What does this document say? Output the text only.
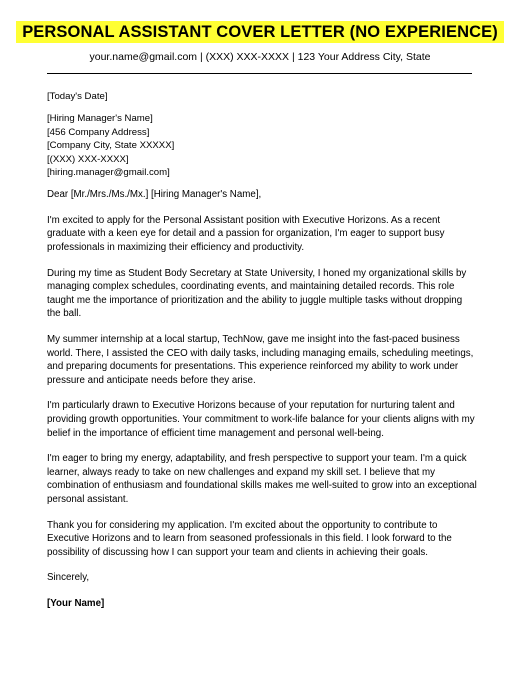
PERSONAL ASSISTANT COVER LETTER (NO EXPERIENCE)
your.name@gmail.com | (XXX) XXX-XXXX | 123 Your Address City, State
[Today's Date]
[Hiring Manager's Name]
[456 Company Address]
[Company City, State XXXXX]
[(XXX) XXX-XXXX]
[hiring.manager@gmail.com]
Dear [Mr./Mrs./Ms./Mx.] [Hiring Manager's Name],

I'm excited to apply for the Personal Assistant position with Executive Horizons. As a recent graduate with a keen eye for detail and a passion for organization, I'm eager to support busy professionals in maximizing their efficiency and productivity.

During my time as Student Body Secretary at State University, I honed my organizational skills by managing complex schedules, coordinating events, and maintaining detailed records. This role taught me the importance of prioritization and the ability to juggle multiple tasks without dropping the ball.

My summer internship at a local startup, TechNow, gave me insight into the fast-paced business world. There, I assisted the CEO with daily tasks, including managing emails, scheduling meetings, and preparing documents for presentations. This experience reinforced my ability to work under pressure and anticipate needs before they arise.

I'm particularly drawn to Executive Horizons because of your reputation for nurturing talent and providing growth opportunities. Your commitment to work-life balance for your clients aligns with my belief in the importance of efficient time management and personal well-being.

I'm eager to bring my energy, adaptability, and fresh perspective to support your team. I'm a quick learner, always ready to take on new challenges and expand my skill set. I believe that my combination of enthusiasm and foundational skills makes me well-suited to grow into an exceptional personal assistant.

Thank you for considering my application. I'm excited about the opportunity to contribute to Executive Horizons and to learn from seasoned professionals in this field. I look forward to the possibility of discussing how I can support your team and clients in achieving their goals.

Sincerely,
[Your Name]
